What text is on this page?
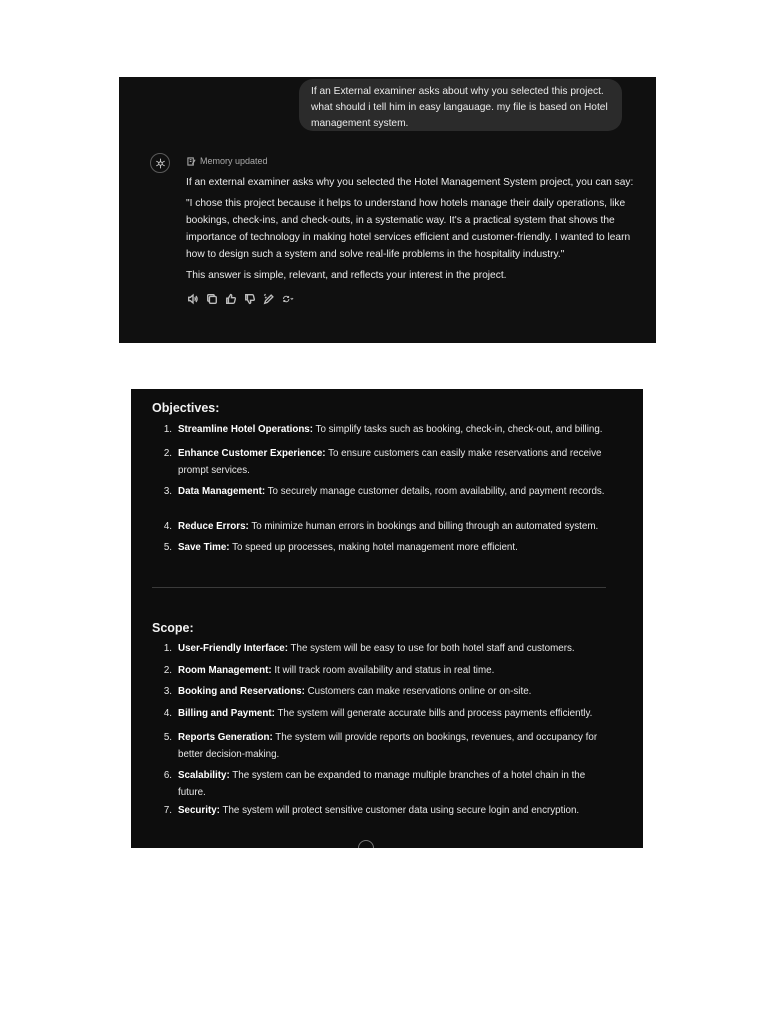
If an External examiner asks about why you selected this project. what should i tell him in easy langauage. my file is based on Hotel management system.
Memory updated

If an external examiner asks why you selected the Hotel Management System project, you can say:

"I chose this project because it helps to understand how hotels manage their daily operations, like bookings, check-ins, and check-outs, in a systematic way. It's a practical system that shows the importance of technology in making hotel services efficient and customer-friendly. I wanted to learn how to design such a system and solve real-life problems in the hospitality industry."

This answer is simple, relevant, and reflects your interest in the project.

Objectives:
1. Streamline Hotel Operations: To simplify tasks such as booking, check-in, check-out, and billing.
2. Enhance Customer Experience: To ensure customers can easily make reservations and receive prompt services.
3. Data Management: To securely manage customer details, room availability, and payment records.
4. Reduce Errors: To minimize human errors in bookings and billing through an automated system.
5. Save Time: To speed up processes, making hotel management more efficient.
Scope:
1. User-Friendly Interface: The system will be easy to use for both hotel staff and customers.
2. Room Management: It will track room availability and status in real time.
3. Booking and Reservations: Customers can make reservations online or on-site.
4. Billing and Payment: The system will generate accurate bills and process payments efficiently.
5. Reports Generation: The system will provide reports on bookings, revenues, and occupancy for better decision-making.
6. Scalability: The system can be expanded to manage multiple branches of a hotel chain in the future.
7. Security: The system will protect sensitive customer data using secure login and encryption.
